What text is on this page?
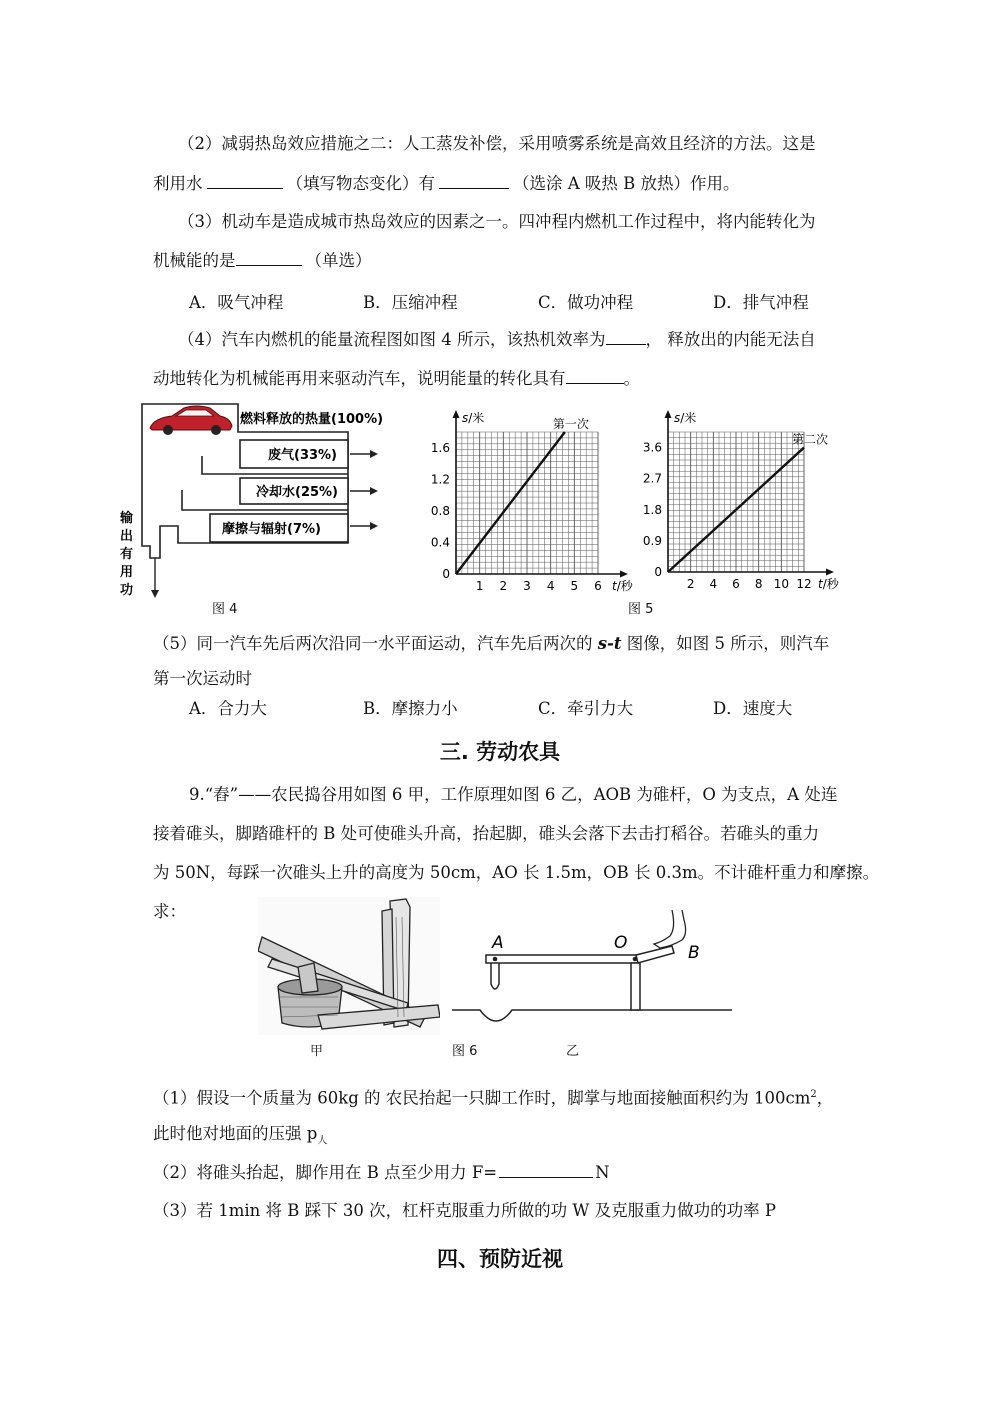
（2）减弱热岛效应措施之二：人工蒸发补偿，采用喷雾系统是高效且经济的方法。这是
利用水	（填写物态变化）有	（选涂 A 吸热 B 放热）作用。
（3）机动车是造成城市热岛效应的因素之一。四冲程内燃机工作过程中，将内能转化为
机械能的是	（单选）
A．吸气冲程	B．压缩冲程	C．做功冲程	D．排气冲程
（4）汽车内燃机的能量流程图如图 4 所示，该热机效率为 ， 释放出的内能无法自
动地转化为机械能再用来驱动汽车，说明能量的转化具有	。
燃料释放的热量(100%)
废气(33%)
冷却水(25%)
摩擦与辐射(7%)
输
出
有
用
功
图 4
s/米
t/秒
1 2 3 4 5 6
0
0.4
0.8
1.2
1.6
第一次	s/米
t/秒
2 4 6 8 10 12
0
0.9
1.8
2.7
3.6
第二次
图 5
（5）同一汽车先后两次沿同一水平面运动，汽车先后两次的 s-t 图像，如图 5 所示，则汽车
第一次运动时
A．合力大	B．摩擦力小	C．牵引力大	D．速度大
三. 劳动农具
9.“舂”——农民捣谷用如图 6 甲，工作原理如图 6 乙，AOB 为碓杆，O 为支点，A 处连
接着碓头，脚踏碓杆的 B 处可使碓头升高，抬起脚，碓头会落下去击打稻谷。若碓头的重力
为 50N，每踩一次碓头上升的高度为 50cm，AO 长 1.5m，OB 长 0.3m。不计碓杆重力和摩擦。
求：
A	O	B
甲	图 6	乙
（1）假设一个质量为 60kg 的 农民抬起一只脚工作时，脚掌与地面接触面积约为 $100cm^2$，
此时他对地面的压强 $p_人$
（2）将碓头抬起，脚作用在 B 点至少用力 F=	N
（3）若 1min 将 B 踩下 30 次，杠杆克服重力所做的功 W 及克服重力做功的功率 P
四、预防近视
